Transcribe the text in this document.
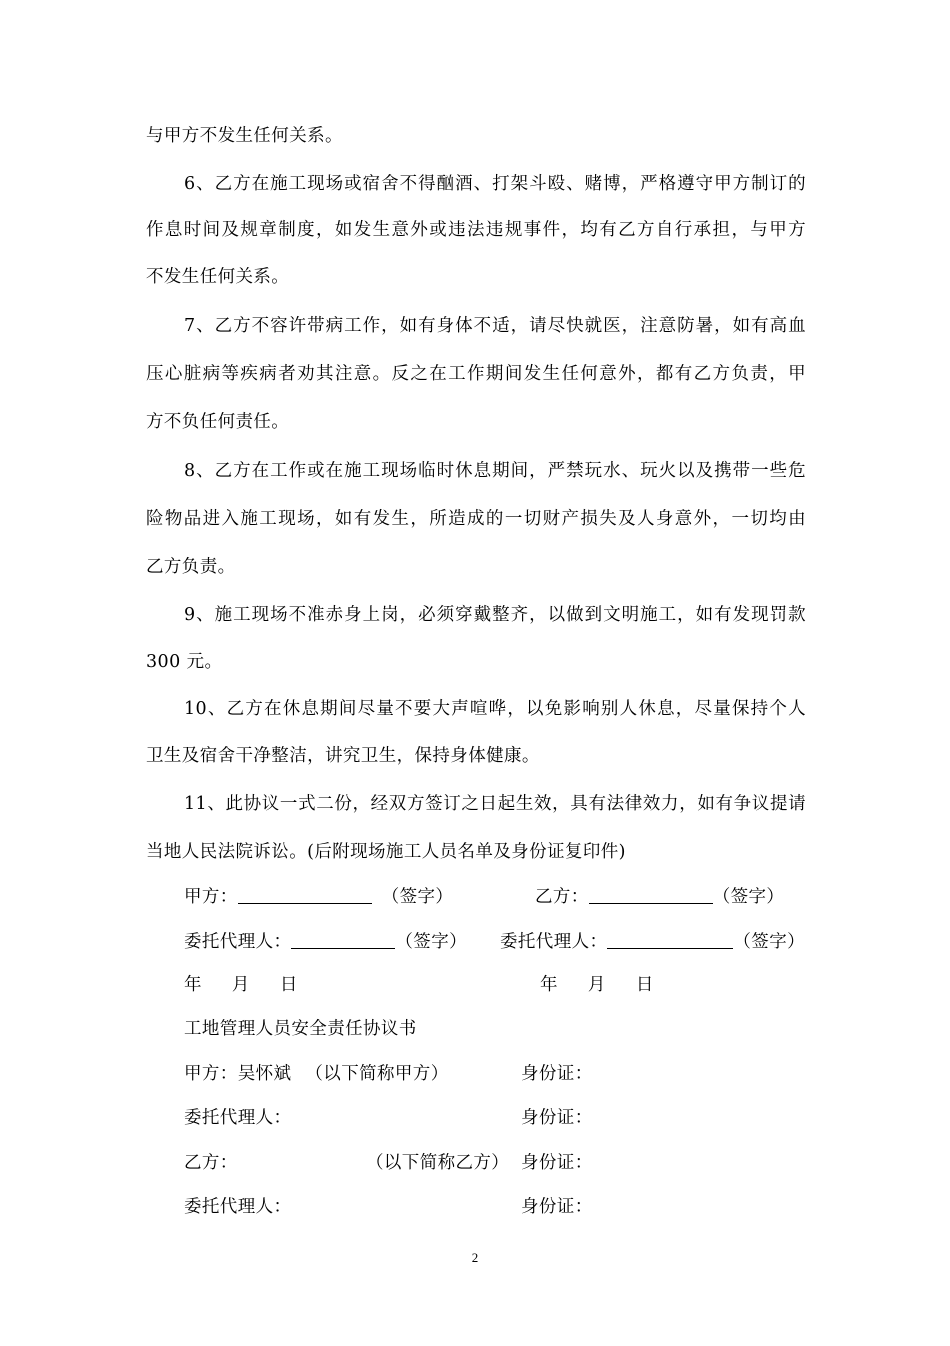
与甲方不发生任何关系。
6、乙方在施工现场或宿舍不得酗酒、打架斗殴、赌博，严格遵守甲方制订的
作息时间及规章制度，如发生意外或违法违规事件，均有乙方自行承担，与甲方
不发生任何关系。
7、乙方不容许带病工作，如有身体不适，请尽快就医，注意防暑，如有高血
压心脏病等疾病者劝其注意。反之在工作期间发生任何意外，都有乙方负责，甲
方不负任何责任。
8、乙方在工作或在施工现场临时休息期间，严禁玩水、玩火以及携带一些危
险物品进入施工现场，如有发生，所造成的一切财产损失及人身意外，一切均由
乙方负责。
9、施工现场不准赤身上岗，必须穿戴整齐，以做到文明施工，如有发现罚款
300 元。
10、乙方在休息期间尽量不要大声喧哗，以免影响别人休息，尽量保持个人
卫生及宿舍干净整洁，讲究卫生，保持身体健康。
11、此协议一式二份，经双方签订之日起生效，具有法律效力，如有争议提请
当地人民法院诉讼。(后附现场施工人员名单及身份证复印件)
甲方：	（签字）	乙方：	（签字）
委托代理人：	（签字） 委托代理人：	（签字）
年 月 日	年 月 日
工地管理人员安全责任协议书
甲方：吴怀斌 （以下简称甲方）	身份证：
委托代理人：	身份证：
乙方：	（以下简称乙方） 身份证：
委托代理人：	身份证：
2
